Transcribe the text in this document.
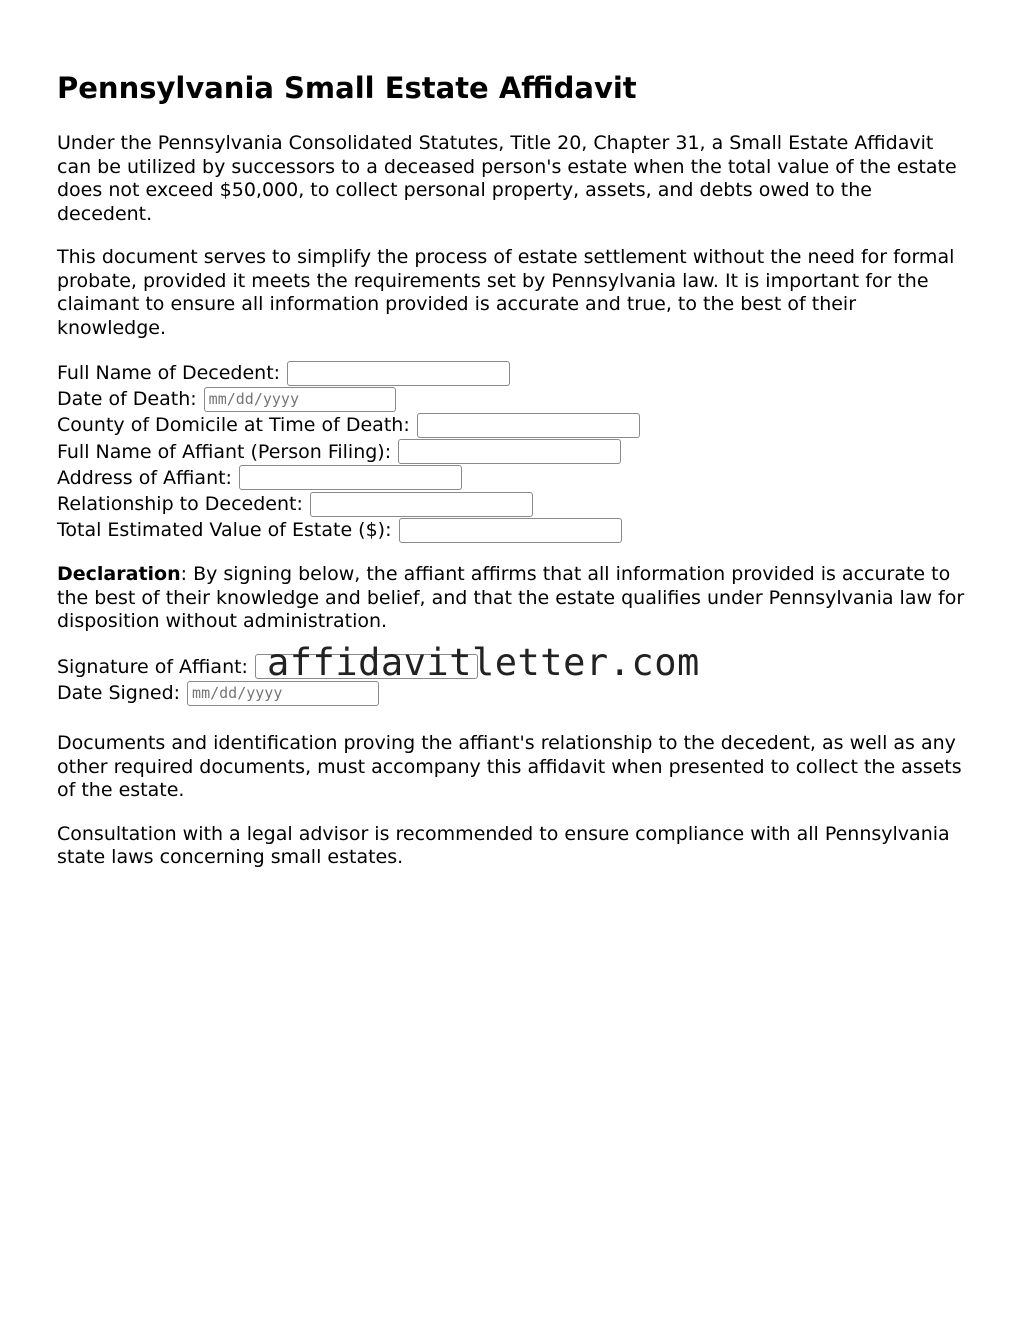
Pennsylvania Small Estate Affidavit

Under the Pennsylvania Consolidated Statutes, Title 20, Chapter 31, a Small Estate Affidavit can be utilized by successors to a deceased person's estate when the total value of the estate does not exceed $50,000, to collect personal property, assets, and debts owed to the decedent.

This document serves to simplify the process of estate settlement without the need for formal probate, provided it meets the requirements set by Pennsylvania law. It is important for the claimant to ensure all information provided is accurate and true, to the best of their knowledge.

Full Name of Decedent:
Date of Death:
mm/dd/yyyy
County of Domicile at Time of Death:
Full Name of Affiant (Person Filing):
Address of Affiant:
Relationship to Decedent:
Total Estimated Value of Estate ($):

Declaration: By signing below, the affiant affirms that all information provided is accurate to the best of their knowledge and belief, and that the estate qualifies under Pennsylvania law for disposition without administration.

Signature of Affiant:
Date Signed:
mm/dd/yyyy
affidavitletter.com

Documents and identification proving the affiant's relationship to the decedent, as well as any other required documents, must accompany this affidavit when presented to collect the assets of the estate.

Consultation with a legal advisor is recommended to ensure compliance with all Pennsylvania state laws concerning small estates.
